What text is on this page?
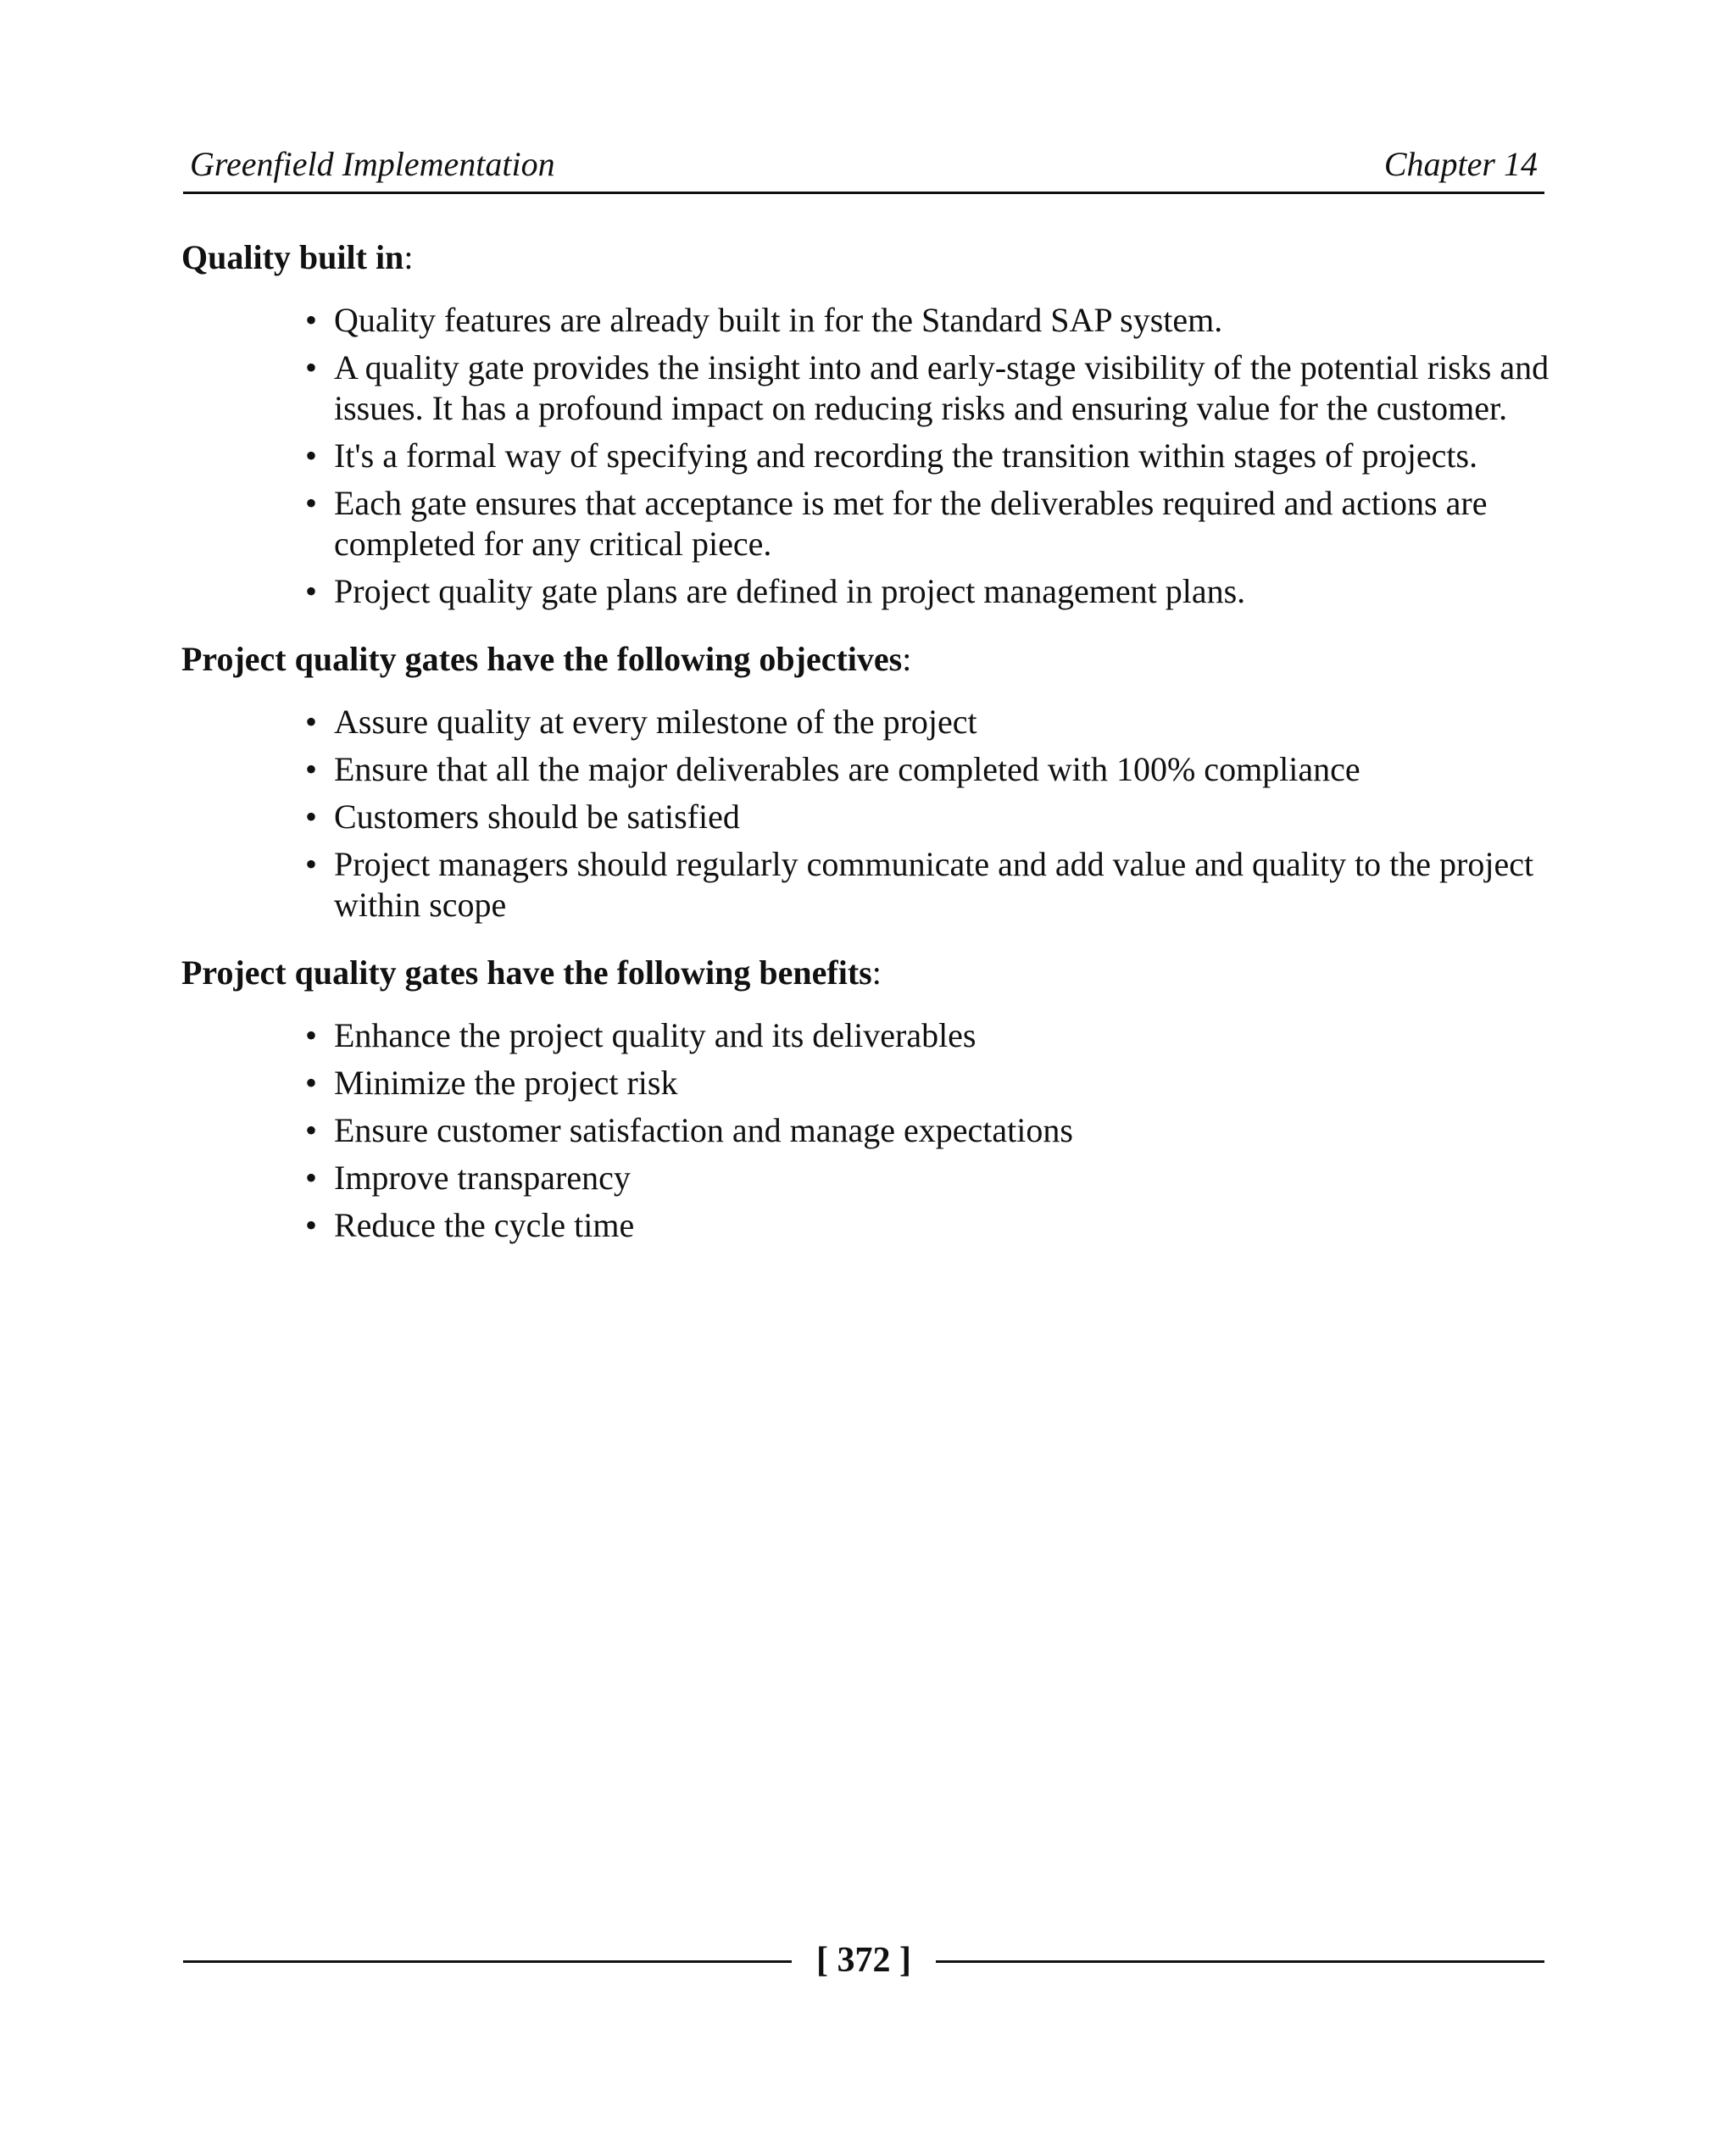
Greenfield Implementation	Chapter 14

Quality built in:

• Quality features are already built in for the Standard SAP system.
• A quality gate provides the insight into and early-stage visibility of the potential risks and issues. It has a profound impact on reducing risks and ensuring value for the customer.
• It's a formal way of specifying and recording the transition within stages of projects.
• Each gate ensures that acceptance is met for the deliverables required and actions are completed for any critical piece.
• Project quality gate plans are defined in project management plans.

Project quality gates have the following objectives:

• Assure quality at every milestone of the project
• Ensure that all the major deliverables are completed with 100% compliance
• Customers should be satisfied
• Project managers should regularly communicate and add value and quality to the project within scope

Project quality gates have the following benefits:

• Enhance the project quality and its deliverables
• Minimize the project risk
• Ensure customer satisfaction and manage expectations
• Improve transparency
• Reduce the cycle time
[ 372 ]
